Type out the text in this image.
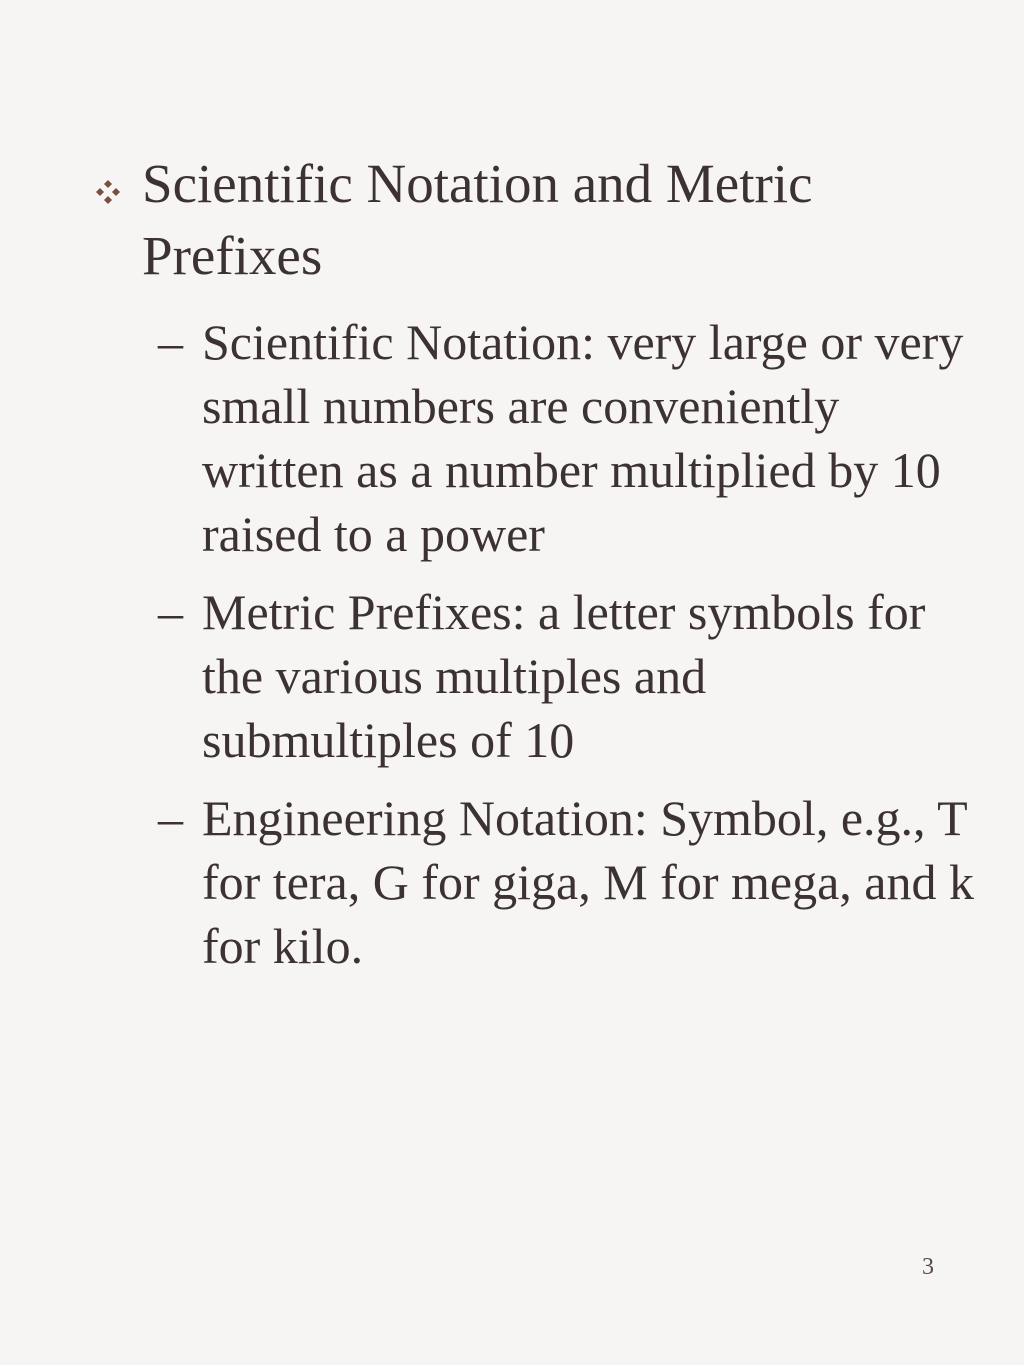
Scientific Notation and Metric Prefixes
– Scientific Notation: very large or very small numbers are conveniently written as a number multiplied by 10 raised to a power
– Metric Prefixes: a letter symbols for the various multiples and submultiples of 10
– Engineering Notation: Symbol, e.g., T for tera, G for giga, M for mega, and k for kilo.
3
